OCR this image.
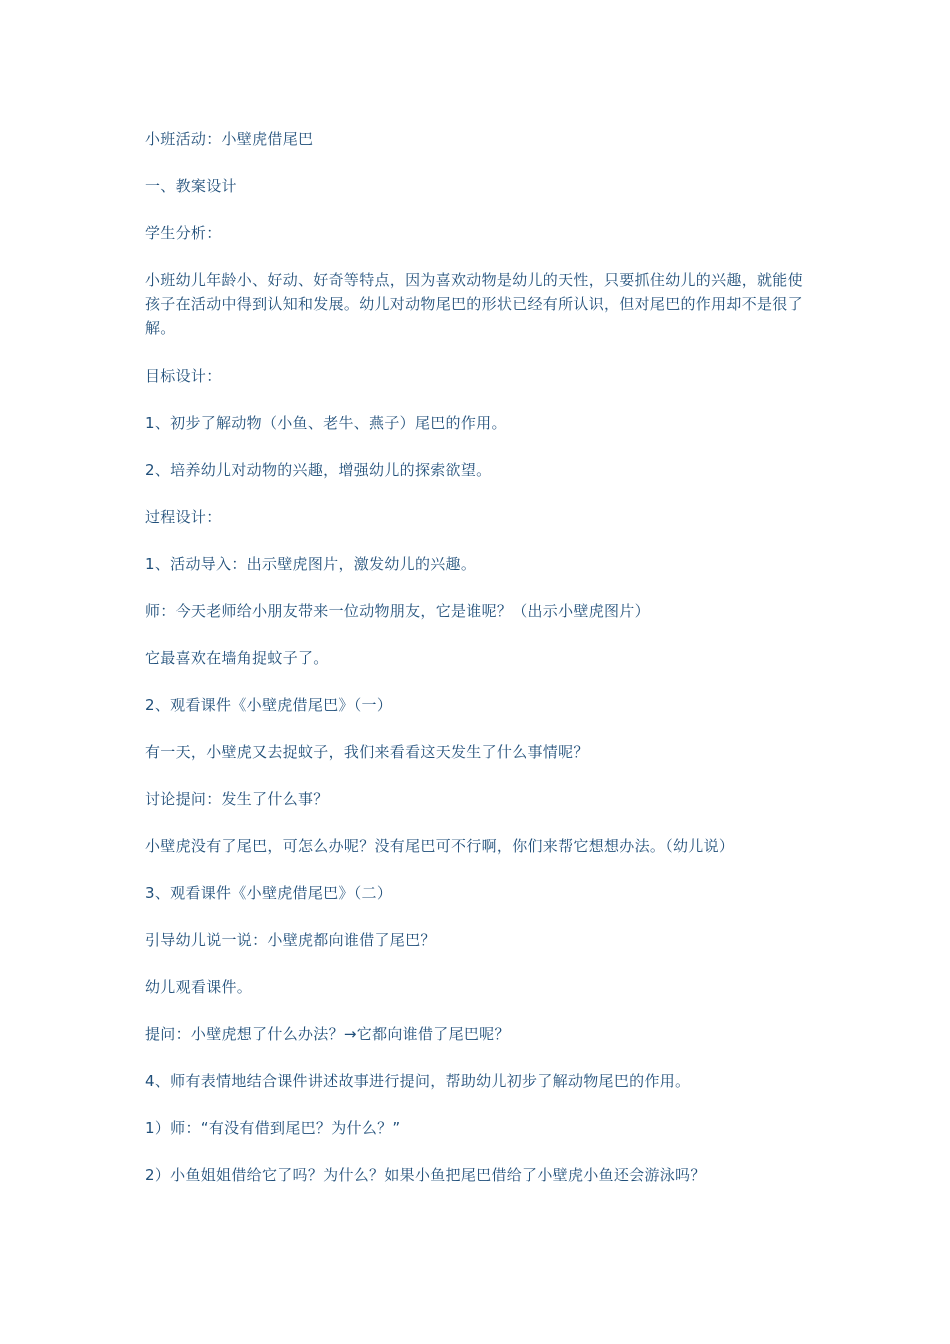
小班活动：小壁虎借尾巴

一、教案设计

学生分析：

小班幼儿年龄小、好动、好奇等特点，因为喜欢动物是幼儿的天性，只要抓住幼儿的兴趣，就能使孩子在活动中得到认知和发展。幼儿对动物尾巴的形状已经有所认识，但对尾巴的作用却不是很了解。

目标设计：

1、初步了解动物（小鱼、老牛、燕子）尾巴的作用。

2、培养幼儿对动物的兴趣，增强幼儿的探索欲望。

过程设计：

1、活动导入：出示壁虎图片，激发幼儿的兴趣。

师：今天老师给小朋友带来一位动物朋友，它是谁呢？（出示小壁虎图片）

它最喜欢在墙角捉蚊子了。

2、观看课件《小壁虎借尾巴》（一）

有一天，小壁虎又去捉蚊子，我们来看看这天发生了什么事情呢？

讨论提问：发生了什么事？

小壁虎没有了尾巴，可怎么办呢？没有尾巴可不行啊，你们来帮它想想办法。（幼儿说）

3、观看课件《小壁虎借尾巴》（二）

引导幼儿说一说：小壁虎都向谁借了尾巴？

幼儿观看课件。

提问：小壁虎想了什么办法？→它都向谁借了尾巴呢？

4、师有表情地结合课件讲述故事进行提问，帮助幼儿初步了解动物尾巴的作用。

1）师：“有没有借到尾巴？为什么？”

2）小鱼姐姐借给它了吗？为什么？如果小鱼把尾巴借给了小壁虎小鱼还会游泳吗？
